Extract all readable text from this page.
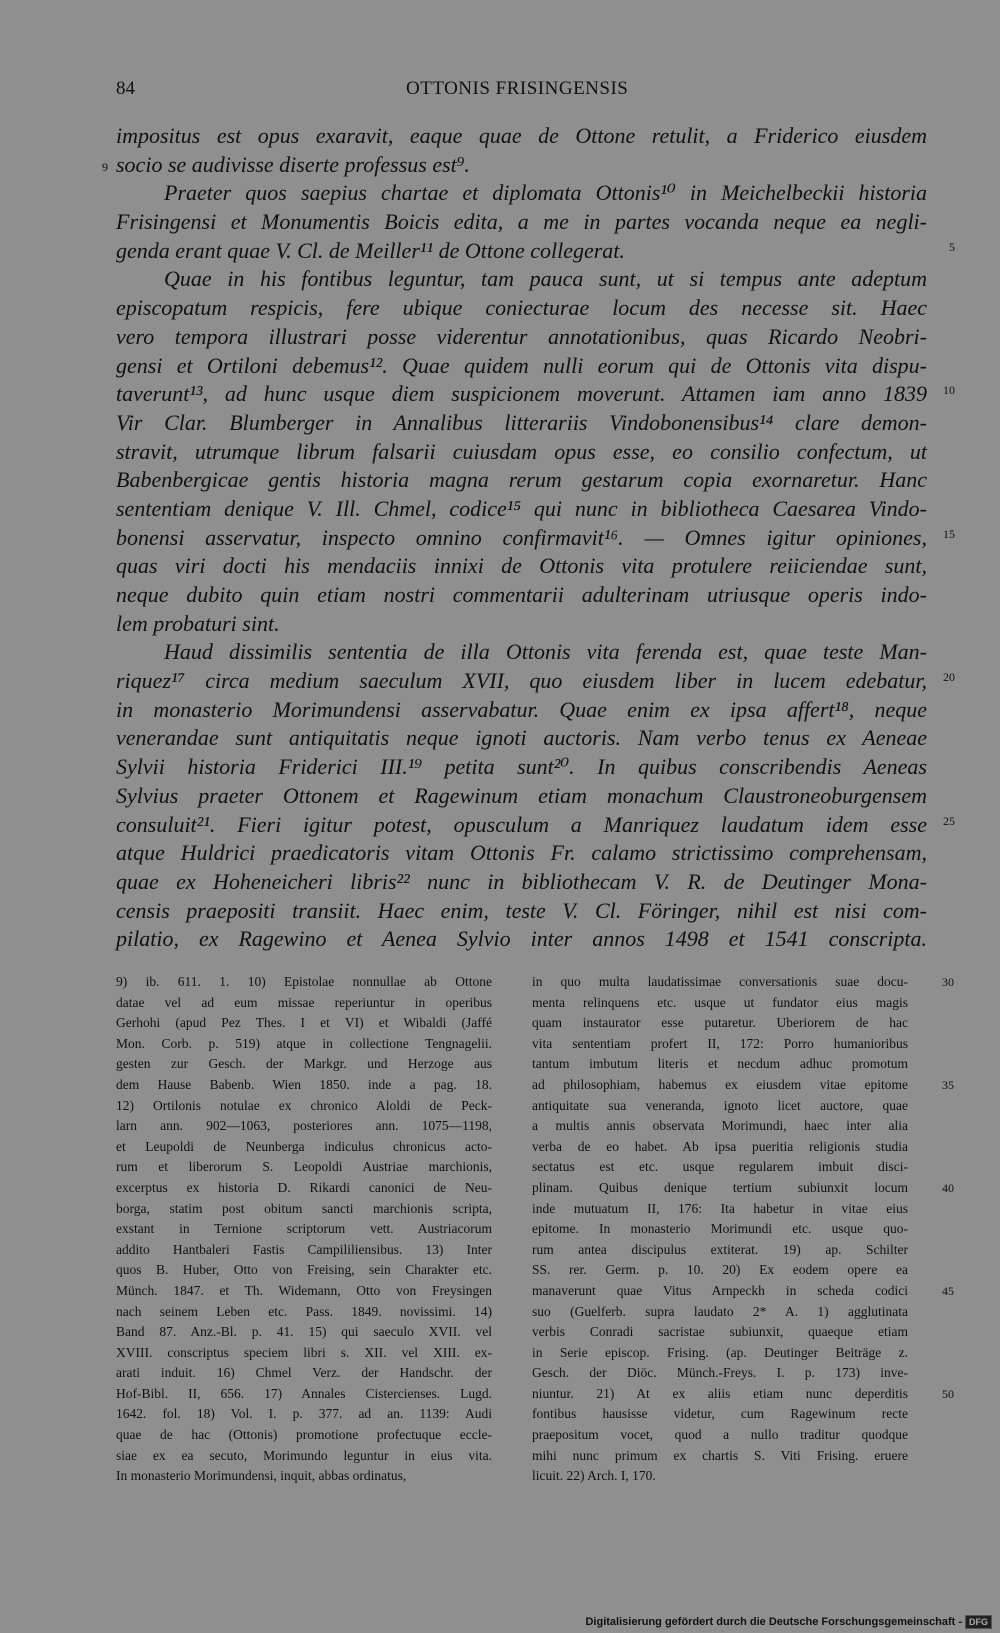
84	OTTONIS FRISINGENSIS
impositus est opus exaravit, eaque quae de Ottone retulit, a Friderico eiusdem
socio se audivisse diserte professus est⁹.
9
Praeter quos saepius chartae et diplomata Ottonis¹⁰ in Meichelbeckii historia
Frisingensi et Monumentis Boicis edita, a me in partes vocanda neque ea negli-
genda erant quae V. Cl. de Meiller¹¹ de Ottone collegerat.	5
Quae in his fontibus leguntur, tam pauca sunt, ut si tempus ante adeptum
episcopatum respicis, fere ubique coniecturae locum des necesse sit. Haec
vero tempora illustrari posse viderentur annotationibus, quas Ricardo Neobri-
gensi et Ortiloni debemus¹². Quae quidem nulli eorum qui de Ottonis vita dispu-
taverunt¹³, ad hunc usque diem suspicionem moverunt. Attamen iam anno 1839 10
Vir Clar. Blumberger in Annalibus litterariis Vindobonensibus¹⁴ clare demon-
stravit, utrumque librum falsarii cuiusdam opus esse, eo consilio confectum, ut
Babenbergicae gentis historia magna rerum gestarum copia exornaretur. Hanc
sententiam denique V. Ill. Chmel, codice¹⁵ qui nunc in bibliotheca Caesarea Vindo-
bonensi asservatur, inspecto omnino confirmavit¹⁶. — Omnes igitur opiniones, 15
quas viri docti his mendaciis innixi de Ottonis vita protulere reiiciendae sunt,
neque dubito quin etiam nostri commentarii adulterinam utriusque operis indo-
lem probaturi sint.
Haud dissimilis sententia de illa Ottonis vita ferenda est, quae teste Man-
riquez¹⁷ circa medium saeculum XVII, quo eiusdem liber in lucem edebatur, 20
in monasterio Morimundensi asservabatur. Quae enim ex ipsa affert¹⁸, neque
venerandae sunt antiquitatis neque ignoti auctoris. Nam verbo tenus ex Aeneae
Sylvii historia Friderici III.¹⁹ petita sunt²⁰. In quibus conscribendis Aeneas
Sylvius praeter Ottonem et Ragewinum etiam monachum Claustroneoburgensem
consuluit²¹. Fieri igitur potest, opusculum a Manriquez laudatum idem esse 25
atque Huldrici praedicatoris vitam Ottonis Fr. calamo strictissimo comprehensam,
quae ex Hoheneicheri libris²² nunc in bibliothecam V. R. de Deutinger Mona-
censis praepositi transiit. Haec enim, teste V. Cl. Föringer, nihil est nisi com-
pilatio, ex Ragewino et Aenea Sylvio inter annos 1498 et 1541 conscripta.
9) ib. 611. 1. 10) Epistolae nonnullae ab Ottone
datae vel ad eum missae reperiuntur in operibus
Gerhohi (apud Pez Thes. I et VI) et Wibaldi (Jaffé
Mon. Corb. p. 519) atque in collectione Tengnagelii.
gesten zur Gesch. der Markgr. und Herzoge aus
dem Hause Babenb. Wien 1850. inde a pag. 18.
12) Ortilonis notulae ex chronico Aloldi de Peck-
larn ann. 902—1063, posteriores ann. 1075—1198,
et Leupoldi de Neunberga indiculus chronicus acto-
rum et liberorum S. Leopoldi Austriae marchionis,
excerptus ex historia D. Rikardi canonici de Neu-
borga, statim post obitum sancti marchionis scripta,
exstant in Ternione scriptorum vett. Austriacorum
addito Hantbaleri Fastis Campililiensibus. 13) Inter
quos B. Huber, Otto von Freising, sein Charakter etc.
Münch. 1847. et Th. Widemann, Otto von Freysingen
nach seinem Leben etc. Pass. 1849. novissimi. 14)
Band 87. Anz.-Bl. p. 41. 15) qui saeculo XVII. vel
XVIII. conscriptus speciem libri s. XII. vel XIII. ex-
arati induit. 16) Chmel Verz. der Handschr. der
Hof-Bibl. II, 656. 17) Annales Cistercienses. Lugd.
1642. fol. 18) Vol. I. p. 377. ad an. 1139: Audi
quae de hac (Ottonis) promotione profectuque eccle-
siae ex ea secuto, Morimundo leguntur in eius vita.
In monasterio Morimundensi, inquit, abbas ordinatus,
in quo multa laudatissimae conversationis suae docu-	30
menta relinquens etc. usque ut fundator eius magis
quam instaurator esse putaretur. Uberiorem de hac
vita sententiam profert II, 172: Porro humanioribus
tantum imbutum literis et necdum adhuc promotum
ad philosophiam, habemus ex eiusdem vitae epitome	35
antiquitate sua veneranda, ignoto licet auctore, quae
a multis annis observata Morimundi, haec inter alia
verba de eo habet. Ab ipsa pueritia religionis studia
sectatus est etc. usque regularem imbuit disci-
plinam. Quibus denique tertium subiunxit locum	40
inde mutuatum II, 176: Ita habetur in vitae eius
epitome. In monasterio Morimundi etc. usque quo-
rum antea discipulus extiterat. 19) ap. Schilter
SS. rer. Germ. p. 10. 20) Ex eodem opere ea
manaverunt quae Vitus Arnpeckh in scheda codici	45
suo (Guelferb. supra laudato 2* A. 1) agglutinata
verbis Conradi sacristae subiunxit, quaeque etiam
in Serie episcop. Frising. (ap. Deutinger Beiträge z.
Gesch. der Diöc. Münch.-Freys. I. p. 173) inve-
niuntur. 21) At ex aliis etiam nunc deperditis	50
fontibus hausisse videtur, cum Ragewinum recte
praepositum vocet, quod a nullo traditur quodque
mihi nunc primum ex chartis S. Viti Frising. eruere
licuit. 22) Arch. I, 170.
Digitalisierung gefördert durch die Deutsche Forschungsgemeinschaft - DFG
